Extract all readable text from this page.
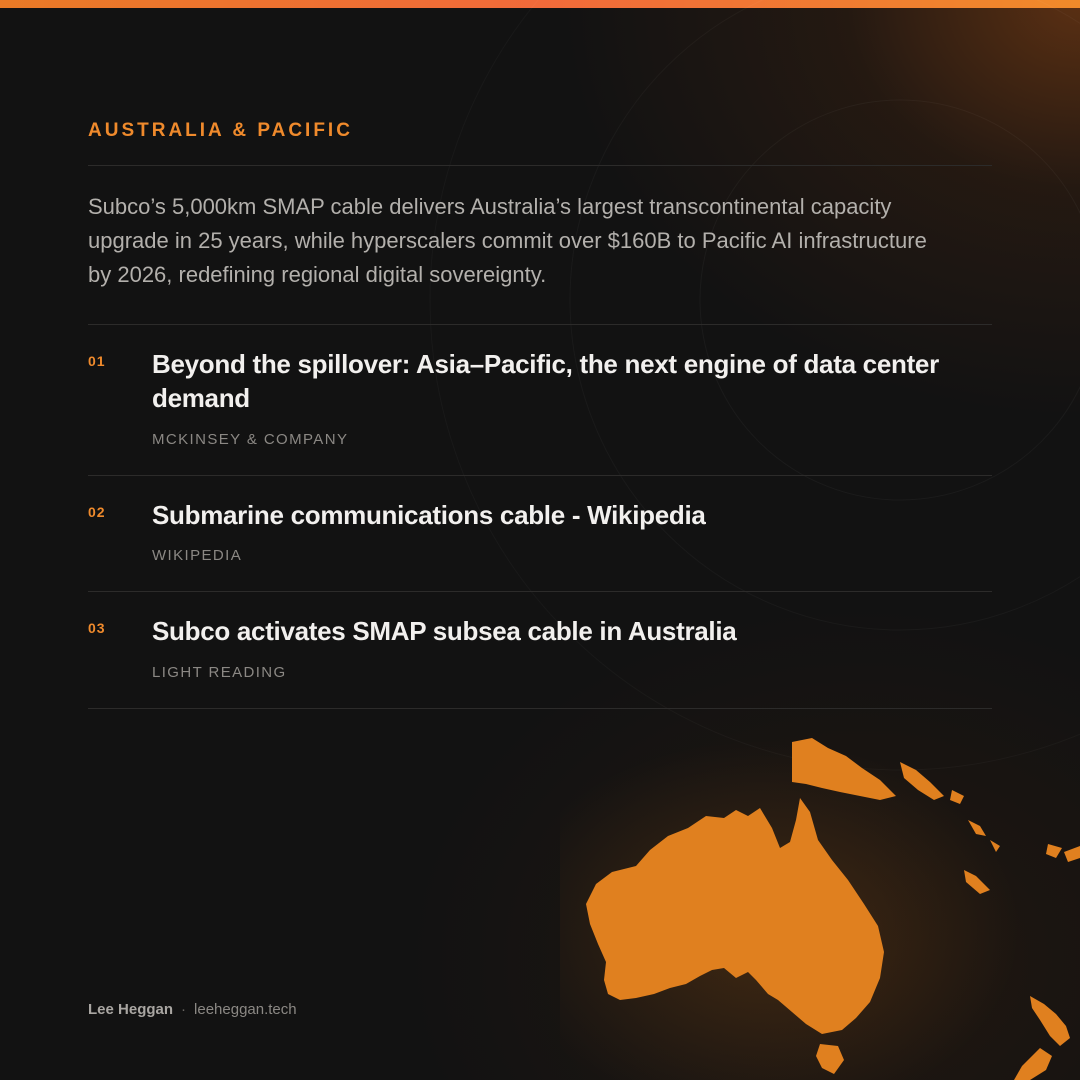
AUSTRALIA & PACIFIC

Subco’s 5,000km SMAP cable delivers Australia’s largest transcontinental capacity upgrade in 25 years, while hyperscalers commit over $160B to Pacific AI infrastructure by 2026, redefining regional digital sovereignty.

01 Beyond the spillover: Asia–Pacific, the next engine of data center demand
MCKINSEY & COMPANY
02 Submarine communications cable - Wikipedia
WIKIPEDIA
03 Subco activates SMAP subsea cable in Australia
LIGHT READING
Lee Heggan · leeheggan.tech
